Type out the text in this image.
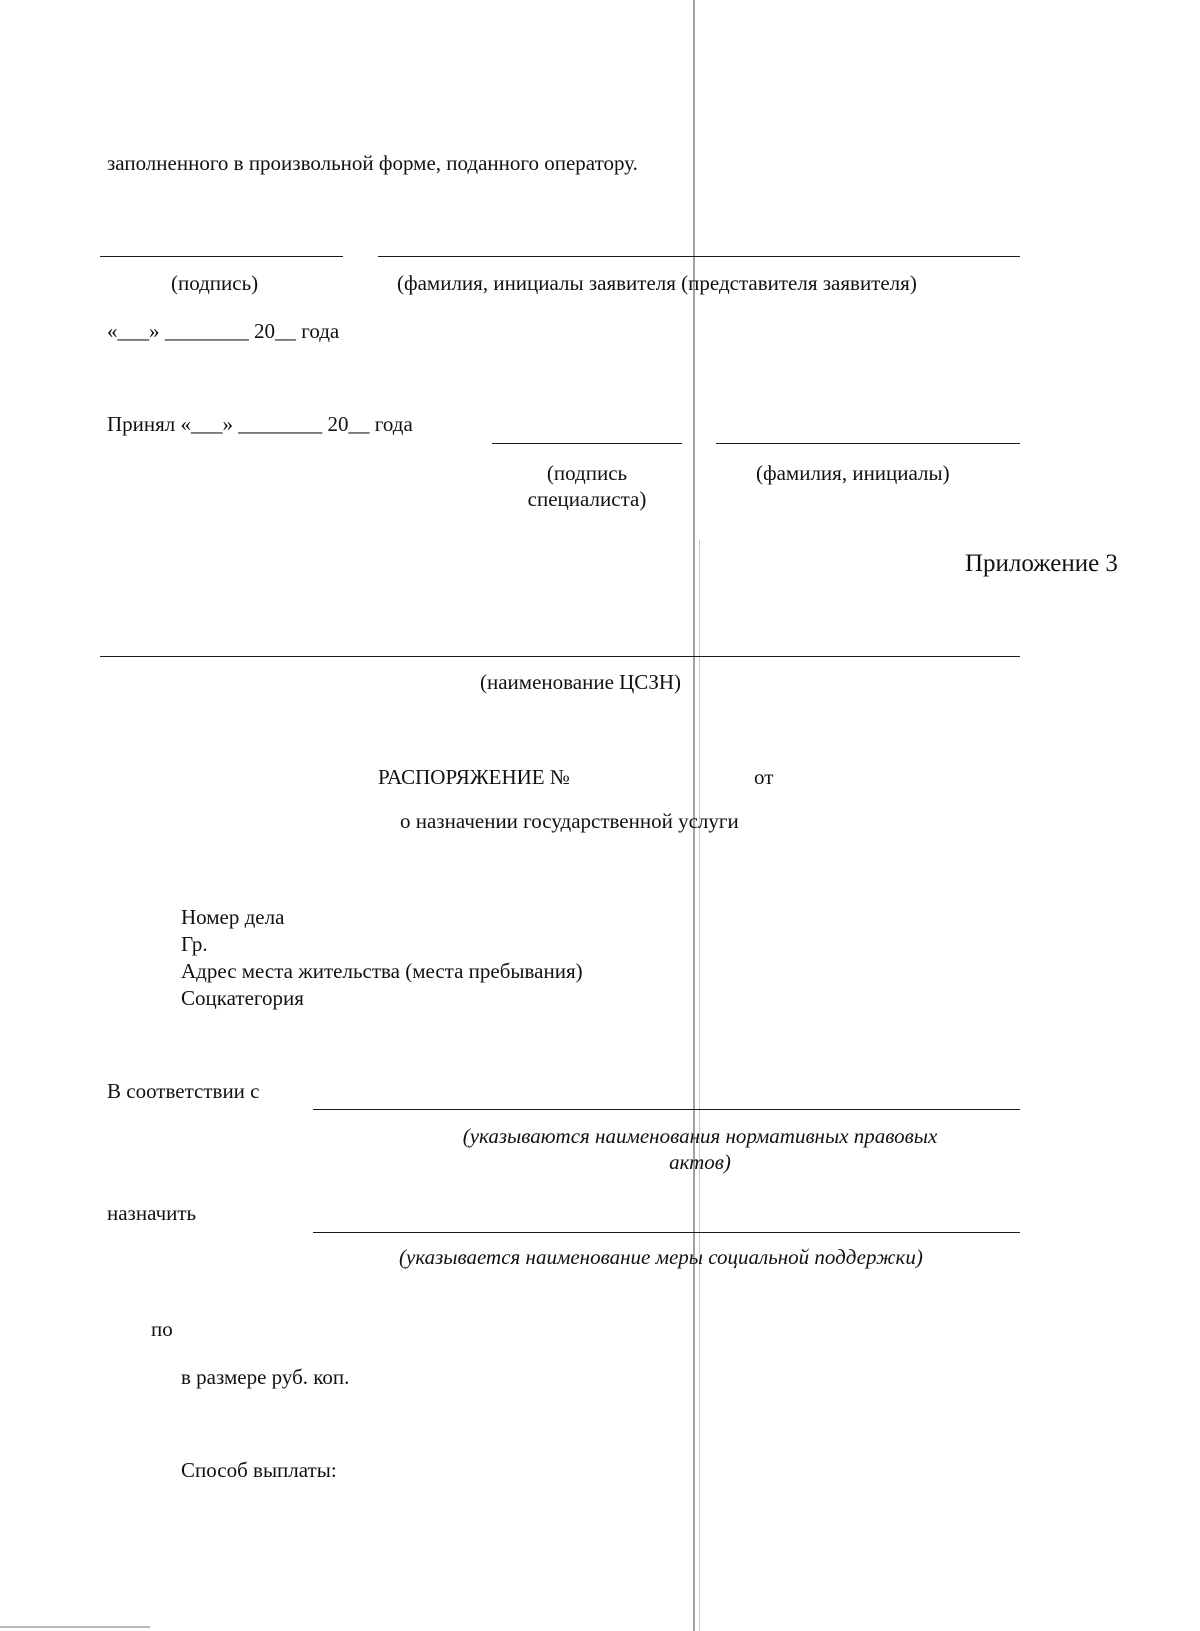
заполненного в произвольной форме, поданного оператору.
(подпись)	(фамилия, инициалы заявителя (представителя заявителя)
«___» ________ 20__ года
Принял «___» ________ 20__ года
(подпись
специалиста)
(фамилия, инициалы)
Приложение 3
(наименование ЦСЗН)
РАСПОРЯЖЕНИЕ №	от
о назначении государственной услуги
Номер дела
Гр.
Адрес места жительства (места пребывания)
Соцкатегория
В соответствии с
(указываются наименования нормативных правовых
актов)
назначить
(указывается наименование меры социальной поддержки)
по
в размере руб. коп.
Способ выплаты:
